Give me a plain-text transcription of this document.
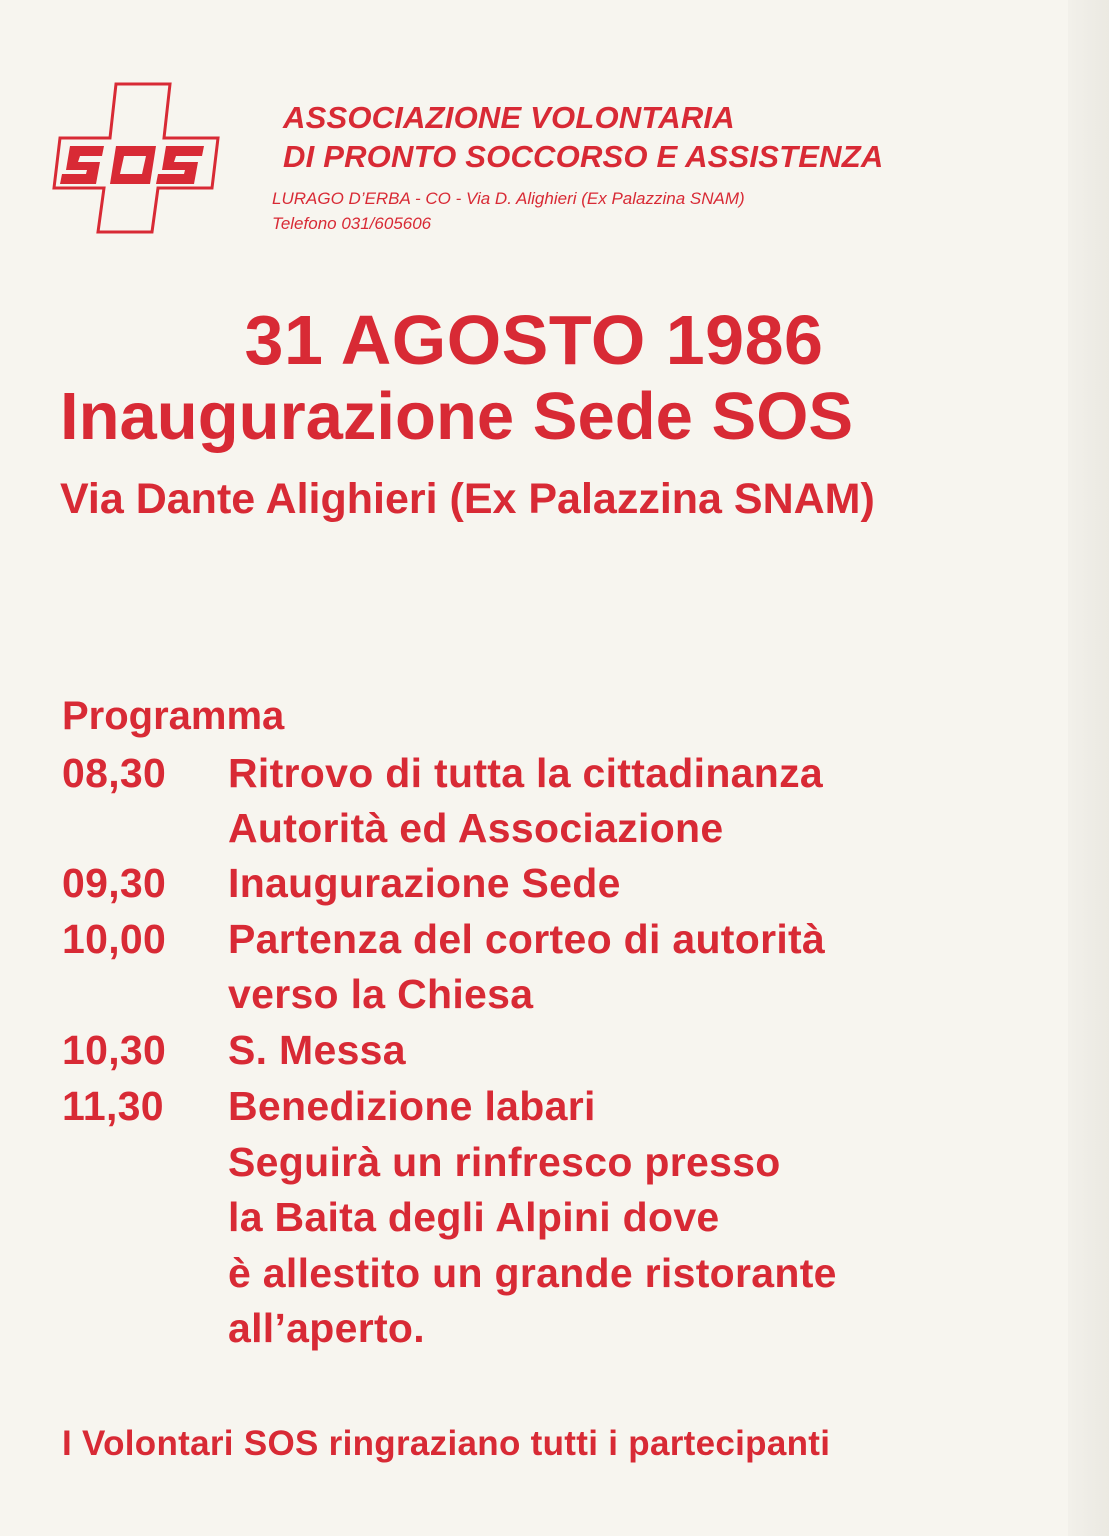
ASSOCIAZIONE VOLONTARIA
DI PRONTO SOCCORSO E ASSISTENZA
LURAGO D’ERBA - CO - Via D. Alighieri (Ex Palazzina SNAM)
Telefono 031/605606
31 AGOSTO 1986
Inaugurazione Sede SOS
Via Dante Alighieri (Ex Palazzina SNAM)
Programma
08,30	Ritrovo di tutta la cittadinanza
Autorità ed Associazione
09,30	Inaugurazione Sede
10,00	Partenza del corteo di autorità
verso la Chiesa
10,30	S. Messa
11,30	Benedizione labari
Seguirà un rinfresco presso
la Baita degli Alpini dove
è allestito un grande ristorante
all’aperto.
I Volontari SOS ringraziano tutti i partecipanti
